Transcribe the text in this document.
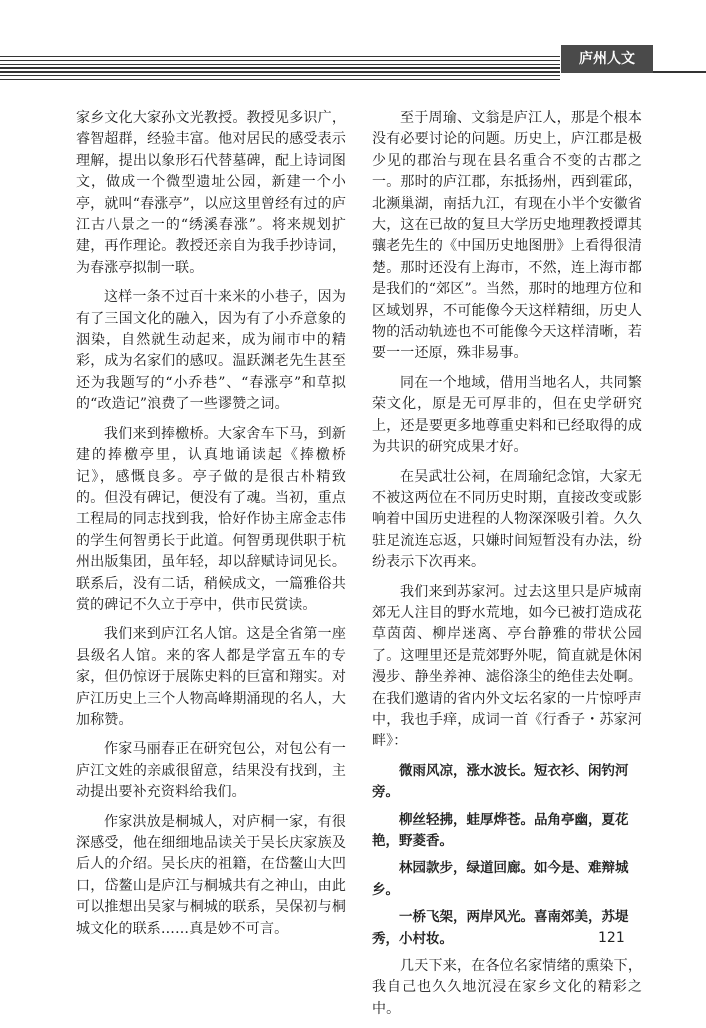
庐州人文

家乡文化大家孙文光教授。教授见多识广，睿智超群，经验丰富。他对居民的感受表示理解，提出以象形石代替墓碑，配上诗词图文，做成一个微型遗址公园，新建一个小亭，就叫“春涨亭”，以应这里曾经有过的庐江古八景之一的“绣溪春涨”。将来规划扩建，再作理论。教授还亲自为我手抄诗词，为春涨亭拟制一联。

这样一条不过百十来米的小巷子，因为有了三国文化的融入，因为有了小乔意象的洇染，自然就生动起来，成为闹市中的精彩，成为名家们的感叹。温跃渊老先生甚至还为我题写的“小乔巷”、“春涨亭”和草拟的“改造记”浪费了一些谬赞之词。

我们来到捧檄桥。大家舍车下马，到新建的捧檄亭里，认真地诵读起《捧檄桥记》，感慨良多。亭子做的是很古朴精致的。但没有碑记，便没有了魂。当初，重点工程局的同志找到我，恰好作协主席金志伟的学生何智勇长于此道。何智勇现供职于杭州出版集团，虽年轻，却以辞赋诗词见长。联系后，没有二话，稍候成文，一篇雅俗共赏的碑记不久立于亭中，供市民赏读。

我们来到庐江名人馆。这是全省第一座县级名人馆。来的客人都是学富五车的专家，但仍惊讶于展陈史料的巨富和翔实。对庐江历史上三个人物高峰期涌现的名人，大加称赞。

作家马丽春正在研究包公，对包公有一庐江文姓的亲戚很留意，结果没有找到，主动提出要补充资料给我们。

作家洪放是桐城人，对庐桐一家，有很深感受，他在细细地品读关于吴长庆家族及后人的介绍。吴长庆的祖籍，在岱鳌山大凹口，岱鳌山是庐江与桐城共有之神山，由此可以推想出吴家与桐城的联系，吴保初与桐城文化的联系……真是妙不可言。

至于周瑜、文翁是庐江人，那是个根本没有必要讨论的问题。历史上，庐江郡是极少见的郡治与现在县名重合不变的古郡之一。那时的庐江郡，东抵扬州，西到霍邱，北濒巢湖，南括九江，有现在小半个安徽省大，这在已故的复旦大学历史地理教授谭其骧老先生的《中国历史地图册》上看得很清楚。那时还没有上海市，不然，连上海市都是我们的“郊区”。当然，那时的地理方位和区域划界，不可能像今天这样精细，历史人物的活动轨迹也不可能像今天这样清晰，若要一一还原，殊非易事。

同在一个地域，借用当地名人，共同繁荣文化，原是无可厚非的，但在史学研究上，还是要更多地尊重史料和已经取得的成为共识的研究成果才好。

在吴武壮公祠，在周瑜纪念馆，大家无不被这两位在不同历史时期，直接改变或影响着中国历史进程的人物深深吸引着。久久驻足流连忘返，只嫌时间短暂没有办法，纷纷表示下次再来。

我们来到苏家河。过去这里只是庐城南郊无人注目的野水荒地，如今已被打造成花草茵茵、柳岸迷离、亭台静雅的带状公园了。这哩里还是荒郊野外呢，简直就是休闲漫步、静坐养神、滤俗涤尘的绝佳去处啊。在我们邀请的省内外文坛名家的一片惊呼声中，我也手痒，成词一首《行香子・苏家河畔》：

微雨风凉，涨水波长。短衣衫、闲钓河旁。

柳丝轻拂，蛙厚烨苍。品角亭幽，夏花艳，野菱香。

林园款步，绿道回廊。如今是、难辩城乡。

一桥飞架，两岸风光。喜南郊美，苏堤秀，小村妆。

几天下来，在各位名家情绪的熏染下，我自己也久久地沉浸在家乡文化的精彩之中。

121
